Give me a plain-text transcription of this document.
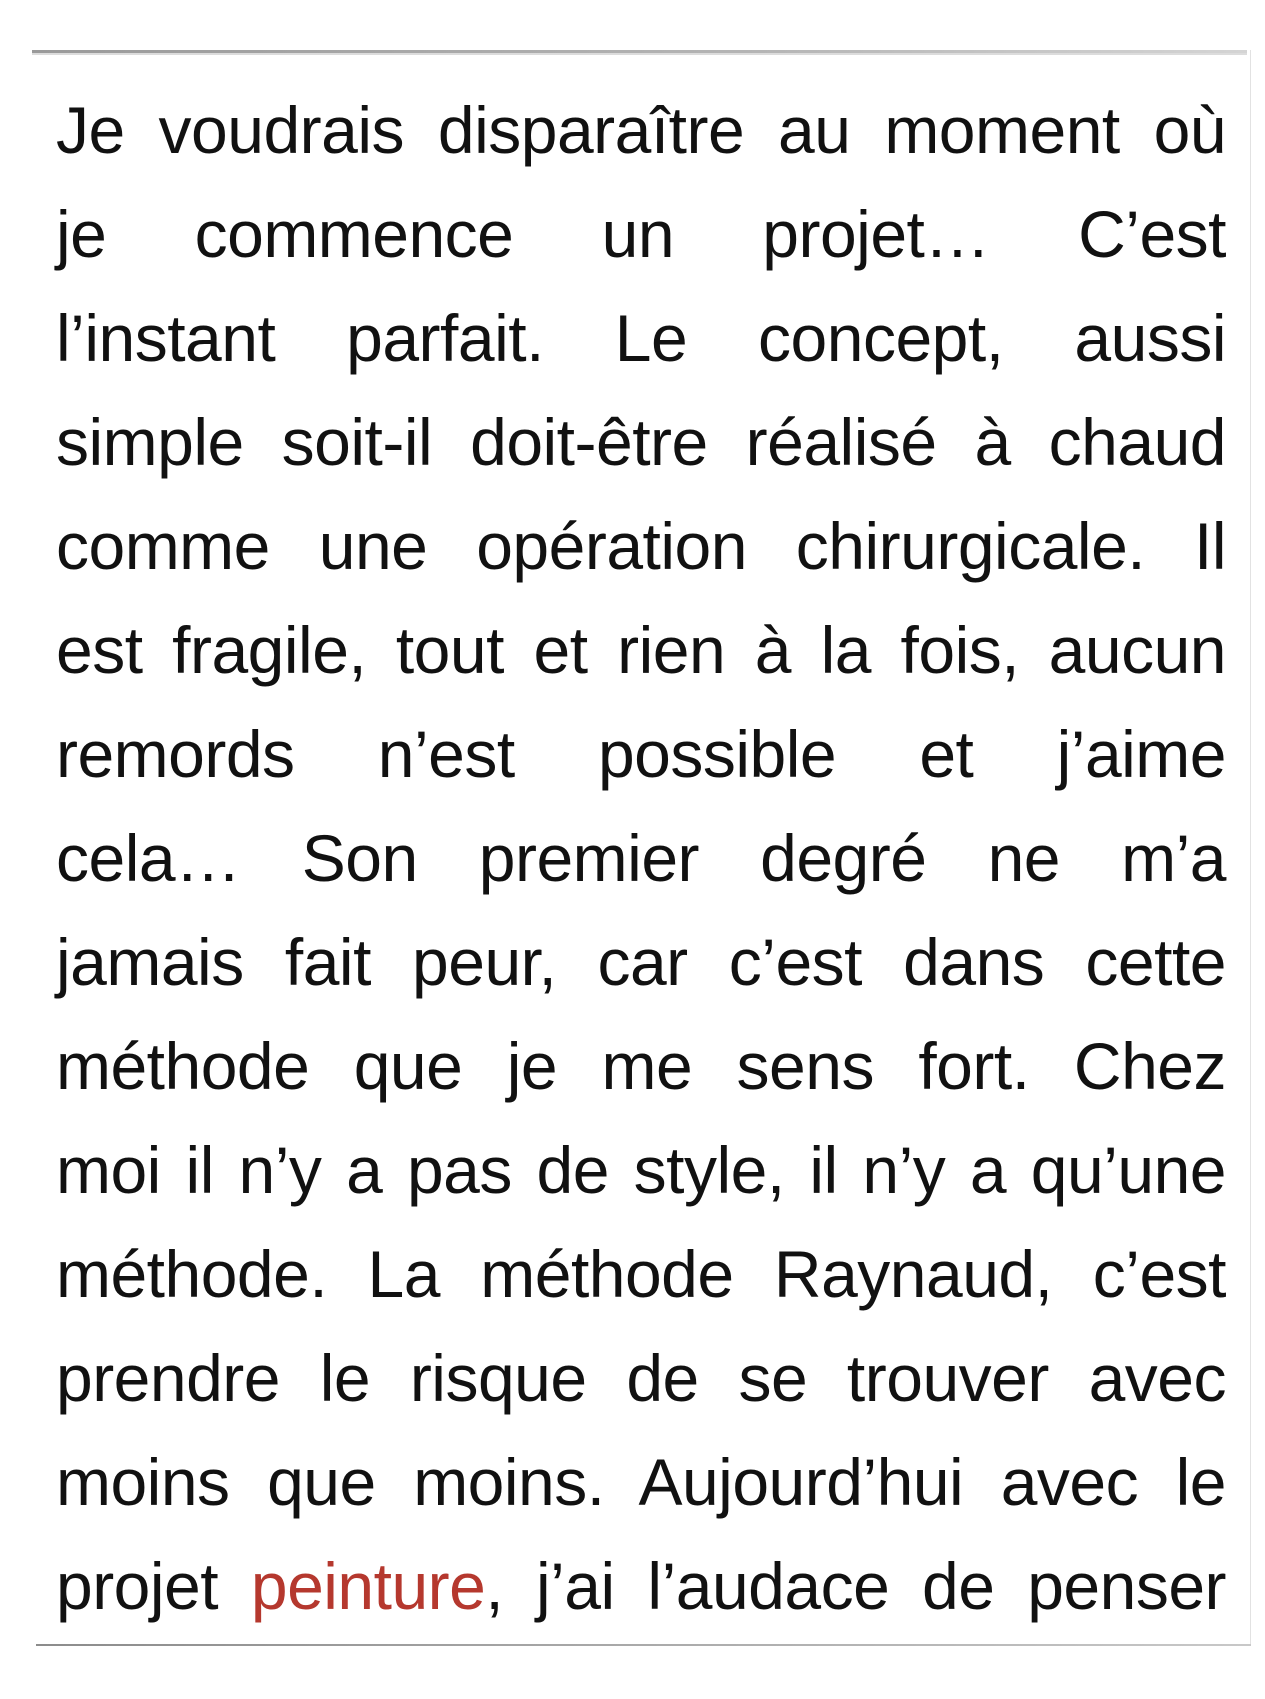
Je voudrais disparaître au moment où
je commence un projet… C’est
l’instant parfait. Le concept, aussi
simple soit-il doit-être réalisé à chaud
comme une opération chirurgicale. Il
est fragile, tout et rien à la fois, aucun
remords n’est possible et j’aime
cela… Son premier degré ne m’a
jamais fait peur, car c’est dans cette
méthode que je me sens fort. Chez
moi il n’y a pas de style, il n’y a qu’une
méthode. La méthode Raynaud, c’est
prendre le risque de se trouver avec
moins que moins. Aujourd’hui avec le
projet peinture, j’ai l’audace de penser
